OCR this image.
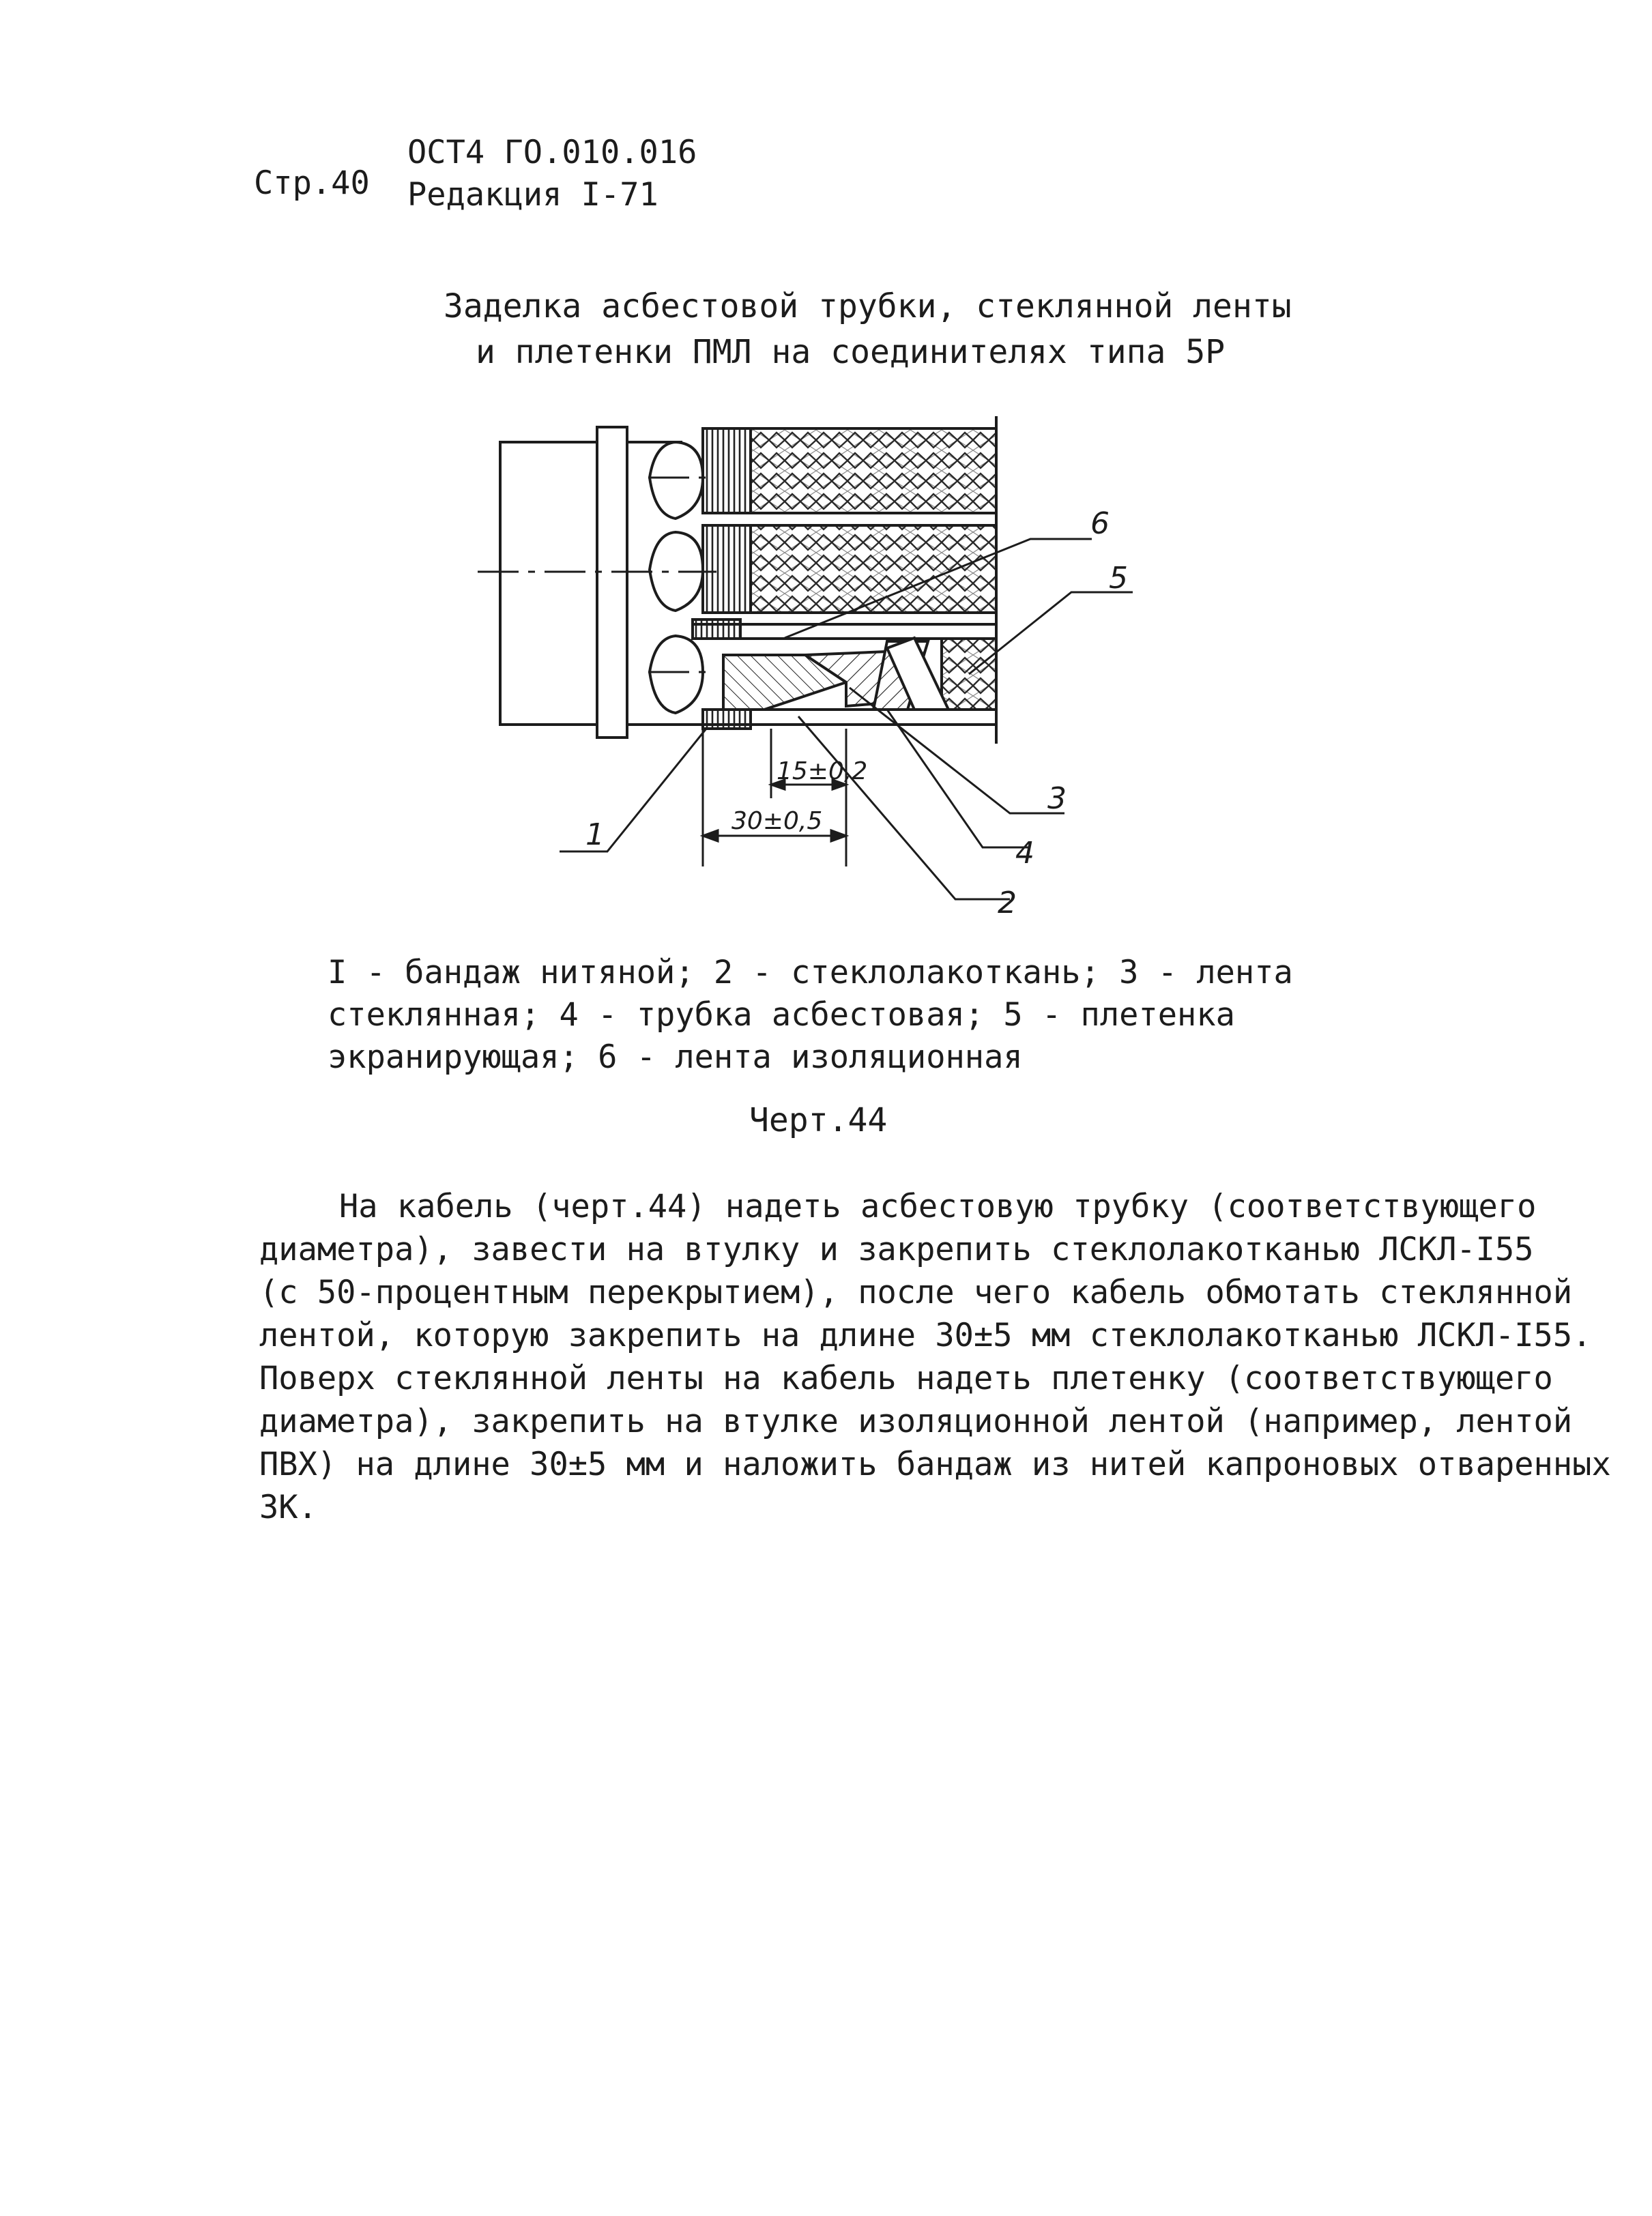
Стр.40
ОСТ4 ГО.010.016
Редакция I-71
Заделка асбестовой трубки, стеклянной ленты
и плетенки ПМЛ на соединителях типа 5Р
15±0,2
30±0,5
6
5
3
4
2
1
I - бандаж нитяной; 2 - стеклолакоткань; 3 - лента
стеклянная; 4 - трубка асбестовая; 5 - плетенка
экранирующая; 6 - лента изоляционная
Черт.44
На кабель (черт.44) надеть асбестовую трубку (соответствующего
диаметра), завести на втулку и закрепить стеклолакотканью ЛСКЛ-I55
(с 50-процентным перекрытием), после чего кабель обмотать стеклянной
лентой, которую закрепить на длине 30±5 мм стеклолакотканью ЛСКЛ-I55.
Поверх стеклянной ленты на кабель надеть плетенку (соответствующего
диаметра), закрепить на втулке изоляционной лентой (например, лентой
ПВХ) на длине 30±5 мм и наложить бандаж из нитей капроновых отваренных
ЗК.
